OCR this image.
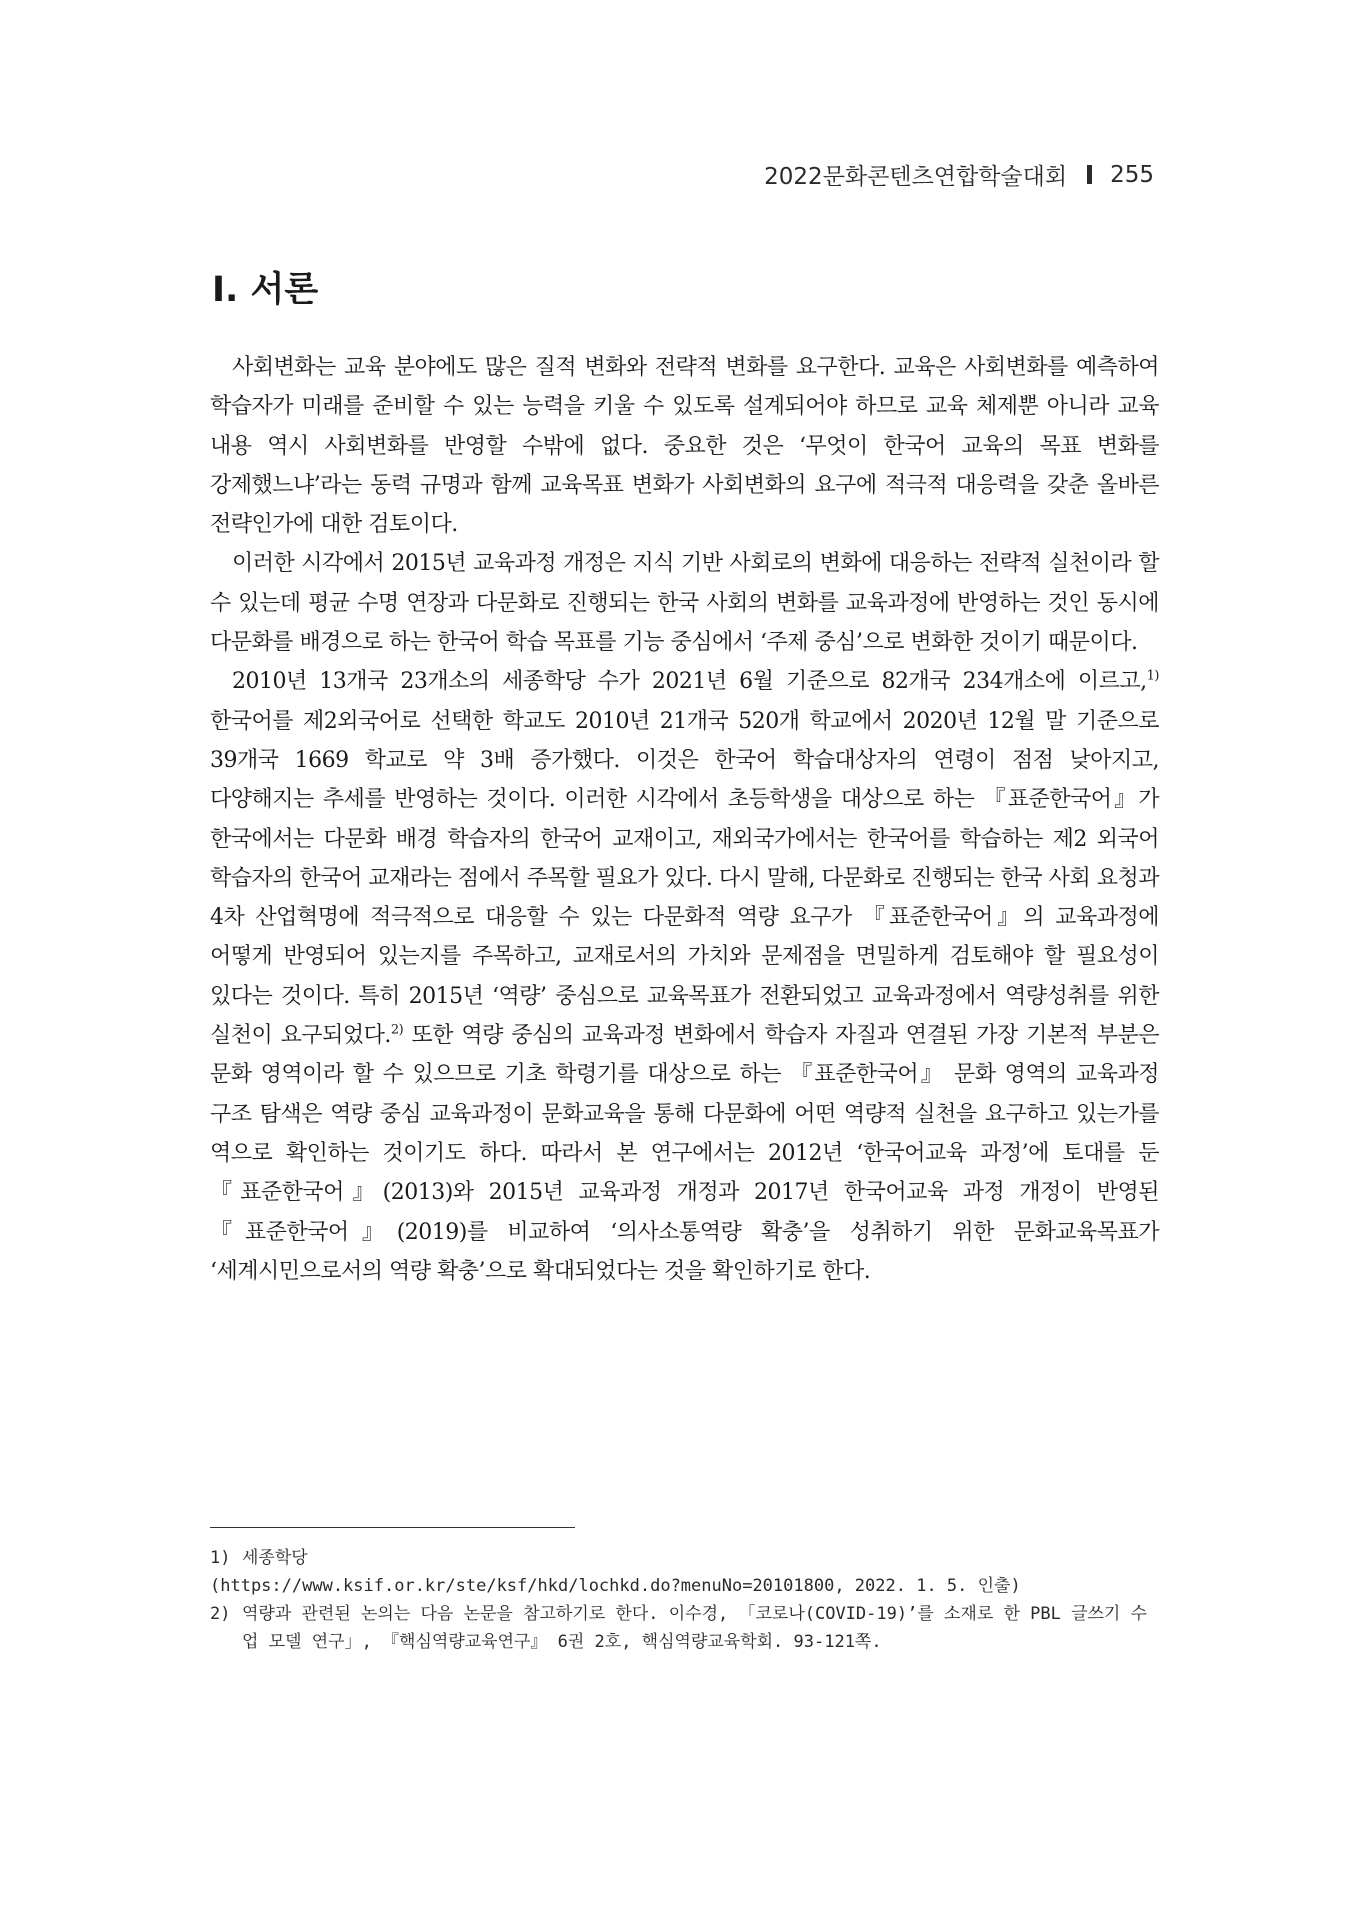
2022문화콘텐츠연합학술대회 255
Ⅰ. 서론

사회변화는 교육 분야에도 많은 질적 변화와 전략적 변화를 요구한다. 교육은 사회변화를 예측하여 학습자가 미래를 준비할 수 있는 능력을 키울 수 있도록 설계되어야 하므로 교육 체제뿐 아니라 교육 내용 역시 사회변화를 반영할 수밖에 없다. 중요한 것은 ‘무엇이 한국어 교육의 목표 변화를 강제했느냐’라는 동력 규명과 함께 교육목표 변화가 사회변화의 요구에 적극적 대응력을 갖춘 올바른 전략인가에 대한 검토이다.

이러한 시각에서 2015년 교육과정 개정은 지식 기반 사회로의 변화에 대응하는 전략적 실천이라 할 수 있는데 평균 수명 연장과 다문화로 진행되는 한국 사회의 변화를 교육과정에 반영하는 것인 동시에 다문화를 배경으로 하는 한국어 학습 목표를 기능 중심에서 ‘주제 중심’으로 변화한 것이기 때문이다.

2010년 13개국 23개소의 세종학당 수가 2021년 6월 기준으로 82개국 234개소에 이르고,$^{1)}$ 한국어를 제2외국어로 선택한 학교도 2010년 21개국 520개 학교에서 2020년 12월 말 기준으로 39개국 1669 학교로 약 3배 증가했다. 이것은 한국어 학습대상자의 연령이 점점 낮아지고, 다양해지는 추세를 반영하는 것이다. 이러한 시각에서 초등학생을 대상으로 하는 『표준한국어』가 한국에서는 다문화 배경 학습자의 한국어 교재이고, 재외국가에서는 한국어를 학습하는 제2 외국어 학습자의 한국어 교재라는 점에서 주목할 필요가 있다. 다시 말해, 다문화로 진행되는 한국 사회 요청과 4차 산업혁명에 적극적으로 대응할 수 있는 다문화적 역량 요구가 『표준한국어』의 교육과정에 어떻게 반영되어 있는지를 주목하고, 교재로서의 가치와 문제점을 면밀하게 검토해야 할 필요성이 있다는 것이다. 특히 2015년 ‘역량’ 중심으로 교육목표가 전환되었고 교육과정에서 역량성취를 위한 실천이 요구되었다.$^{2)}$ 또한 역량 중심의 교육과정 변화에서 학습자 자질과 연결된 가장 기본적 부분은 문화 영역이라 할 수 있으므로 기초 학령기를 대상으로 하는 『표준한국어』 문화 영역의 교육과정 구조 탐색은 역량 중심 교육과정이 문화교육을 통해 다문화에 어떤 역량적 실천을 요구하고 있는가를 역으로 확인하는 것이기도 하다. 따라서 본 연구에서는 2012년 ‘한국어교육 과정’에 토대를 둔 『표준한국어』(2013)와 2015년 교육과정 개정과 2017년 한국어교육 과정 개정이 반영된 『표준한국어』(2019)를 비교하여 ‘의사소통역량 확충’을 성취하기 위한 문화교육목표가 ‘세계시민으로서의 역량 확충’으로 확대되었다는 것을 확인하기로 한다.

1) 세종학당
(https://www.ksif.or.kr/ste/ksf/hkd/lochkd.do?menuNo=20101800, 2022. 1. 5. 인출)
2) 역량과 관련된 논의는 다음 논문을 참고하기로 한다. 이수경, 「코로나(COVID-19)’를 소재로 한 PBL 글쓰기 수업 모델 연구」, 『핵심역량교육연구』 6권 2호, 핵심역량교육학회. 93-121쪽.
